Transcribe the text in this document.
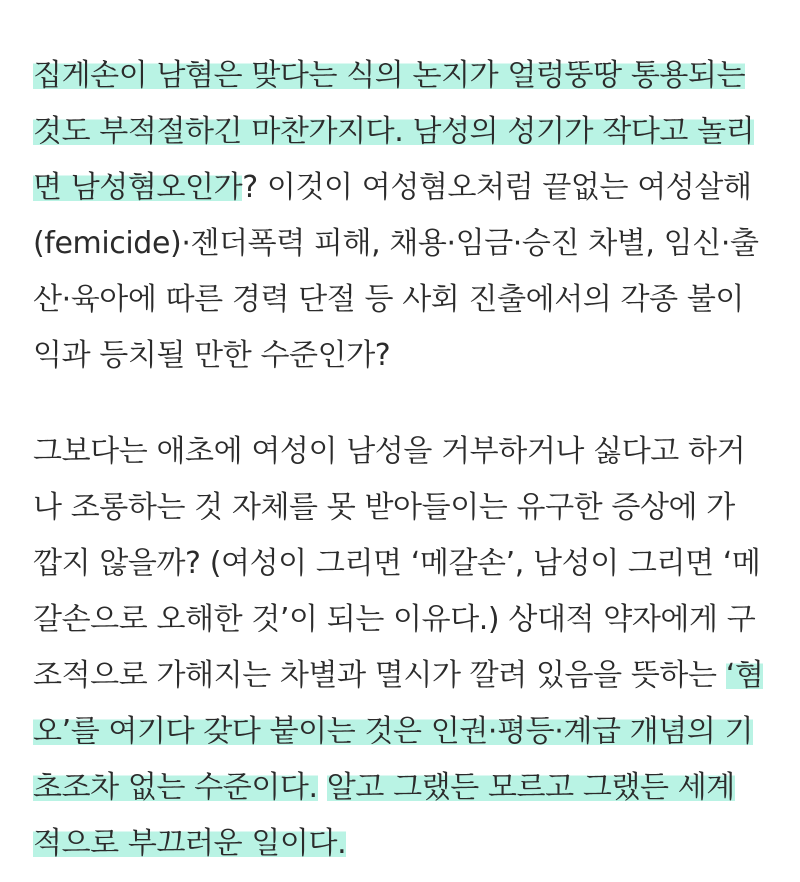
집게손이 남혐은 맞다는 식의 논지가 얼렁뚱땅 통용되는

것도 부적절하긴 마찬가지다. 남성의 성기가 작다고 놀리

면 남성혐오인가? 이것이 여성혐오처럼 끝없는 여성살해

(femicide)·젠더폭력 피해, 채용·임금·승진 차별, 임신·출

산·육아에 따른 경력 단절 등 사회 진출에서의 각종 불이

익과 등치될 만한 수준인가?

그보다는 애초에 여성이 남성을 거부하거나 싫다고 하거

나 조롱하는 것 자체를 못 받아들이는 유구한 증상에 가

깝지 않을까? (여성이 그리면 ‘메갈손’, 남성이 그리면 ‘메

갈손으로 오해한 것’이 되는 이유다.) 상대적 약자에게 구

조적으로 가해지는 차별과 멸시가 깔려 있음을 뜻하는 ‘혐

오’를 여기다 갖다 붙이는 것은 인권·평등·계급 개념의 기

초조차 없는 수준이다. 알고 그랬든 모르고 그랬든 세계

적으로 부끄러운 일이다.
